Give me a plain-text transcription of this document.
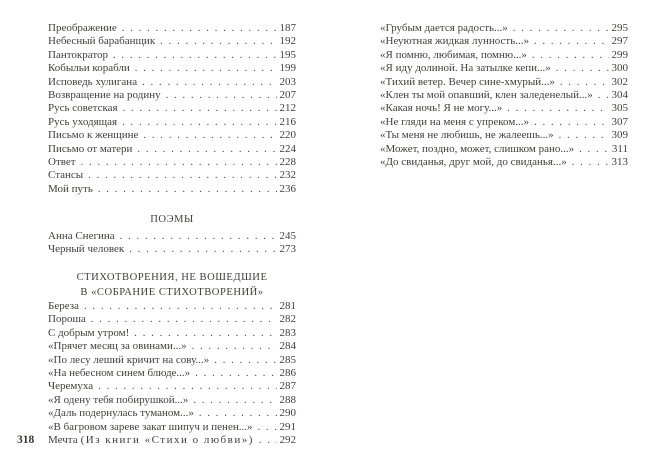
Преображение . . .	187
Небесный барабанщик . . .	192
Пантократор . . .	195
Кобыльи корабли . . .	199
Исповедь хулигана . . .	203
Возвращение на родину . . .	207
Русь советская . . .	212
Русь уходящая . . .	216
Письмо к женщине . . .	220
Письмо от матери . . .	224
Ответ . . .	228
Стансы . . .	232
Мой путь . . .	236
ПОЭМЫ
Анна Снегина . . .	245
Черный человек . . .	273
СТИХОТВОРЕНИЯ, НЕ ВОШЕДШИЕ
В «СОБРАНИЕ СТИХОТВОРЕНИЙ»
Береза . . .	281
Пороша . . .	282
С добрым утром! . . .	283
«Прячет месяц за овинами...» . . .	284
«По лесу леший кричит на сову...» . . .	285
«На небесном синем блюде...» . . .	286
Черемуха . . .	287
«Я одену тебя побирушкой...» . . .	288
«Даль подернулась туманом...» . . .	290
«В багровом зареве закат шипуч и пенен...» . . . 291
Мечта (Из книги «Стихи о любви») . . . 292
«Грубым дается радость...» . . .	295
«Неуютная жидкая лунность...» . . .	297
«Я помню, любимая, помню...» . . .	299
«Я иду долиной. На затылке кепи...» . . .	300
«Тихий ветер. Вечер сине-хмурый...» . . .	302
«Клен ты мой опавший, клен заледенелый...» . . . 304
«Какая ночь! Я не могу...» . . .	305
«Не гляди на меня с упреком...» . . .	307
«Ты меня не любишь, не жалеешь...» . . .	309
«Может, поздно, может, слишком рано...» . . .	311
«До свиданья, друг мой, до свиданья...» . . .	313
318
